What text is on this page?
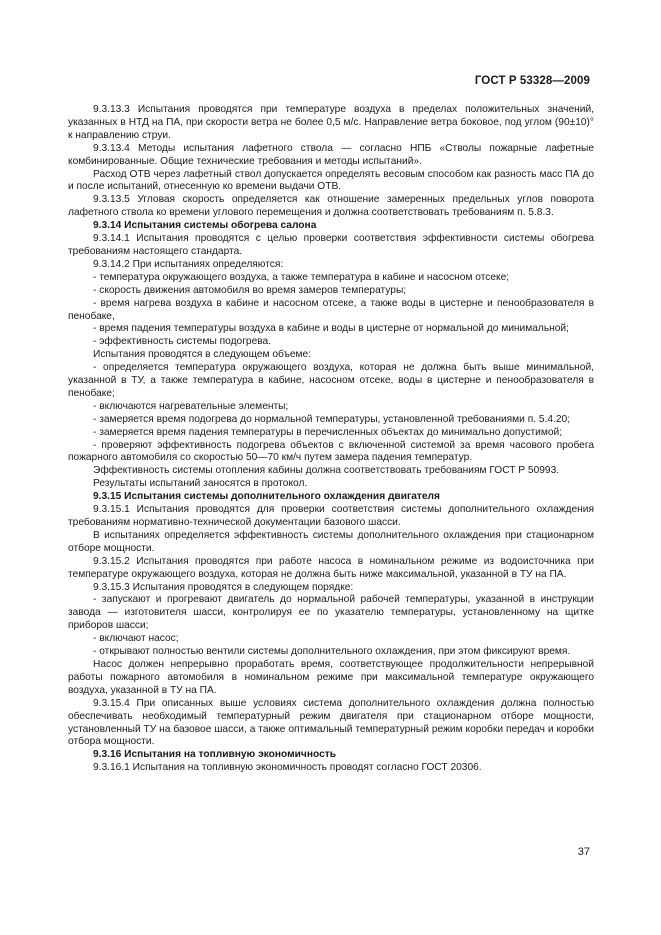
ГОСТ Р 53328—2009

9.3.13.3 Испытания проводятся при температуре воздуха в пределах положительных значений, указанных в НТД на ПА, при скорости ветра не более 0,5 м/с. Направление ветра боковое, под углом (90±10)° к направлению струи.

9.3.13.4 Методы испытания лафетного ствола — согласно НПБ «Стволы пожарные лафетные комбинированные. Общие технические требования и методы испытаний».

Расход ОТВ через лафетный ствол допускается определять весовым способом как разность масс ПА до и после испытаний, отнесенную ко времени выдачи ОТВ.

9.3.13.5 Угловая скорость определяется как отношение замеренных предельных углов поворота лафетного ствола ко времени углового перемещения и должна соответствовать требованиям п. 5.8.3.

9.3.14 Испытания системы обогрева салона

9.3.14.1 Испытания проводятся с целью проверки соответствия эффективности системы обогрева требованиям настоящего стандарта.

9.3.14.2 При испытаниях определяются:

- температура окружающего воздуха, а также температура в кабине и насосном отсеке;

- скорость движения автомобиля во время замеров температуры;

- время нагрева воздуха в кабине и насосном отсеке, а также воды в цистерне и пенообразователя в пенобаке,

- время падения температуры воздуха в кабине и воды в цистерне от нормальной до минимальной;

- эффективность системы подогрева.

Испытания проводятся в следующем объеме:

- определяется температура окружающего воздуха, которая не должна быть выше минимальной, указанной в ТУ, а также температура в кабине, насосном отсеке, воды в цистерне и пенообразователя в пенобаке;

- включаются нагревательные элементы;

- замеряется время подогрева до нормальной температуры, установленной требованиями п. 5.4.20;

- замеряется время падения температуры в перечисленных объектах до минимально допустимой;

- проверяют эффективность подогрева объектов с включенной системой за время часового пробега пожарного автомобиля со скоростью 50—70 км/ч путем замера падения температур.

Эффективность системы отопления кабины должна соответствовать требованиям ГОСТ Р 50993.

Результаты испытаний заносятся в протокол.

9.3.15 Испытания системы дополнительного охлаждения двигателя

9.3.15.1 Испытания проводятся для проверки соответствия системы дополнительного охлаждения требованиям нормативно-технической документации базового шасси.

В испытаниях определяется эффективность системы дополнительного охлаждения при стационарном отборе мощности.

9.3.15.2 Испытания проводятся при работе насоса в номинальном режиме из водоисточника при температуре окружающего воздуха, которая не должна быть ниже максимальной, указанной в ТУ на ПА.

9.3.15.3 Испытания проводятся в следующем порядке:

- запускают и прогревают двигатель до нормальной рабочей температуры, указанной в инструкции завода — изготовителя шасси, контролируя ее по указателю температуры, установленному на щитке приборов шасси;

- включают насос;

- открывают полностью вентили системы дополнительного охлаждения, при этом фиксируют время.

Насос должен непрерывно проработать время, соответствующее продолжительности непрерывной работы пожарного автомобиля в номинальном режиме при максимальной температуре окружающего воздуха, указанной в ТУ на ПА.

9.3.15.4 При описанных выше условиях система дополнительного охлаждения должна полностью обеспечивать необходимый температурный режим двигателя при стационарном отборе мощности, установленный ТУ на базовое шасси, а также оптимальный температурный режим коробки передач и коробки отбора мощности.

9.3.16 Испытания на топливную экономичность

9.3.16.1 Испытания на топливную экономичность проводят согласно ГОСТ 20306.

37
